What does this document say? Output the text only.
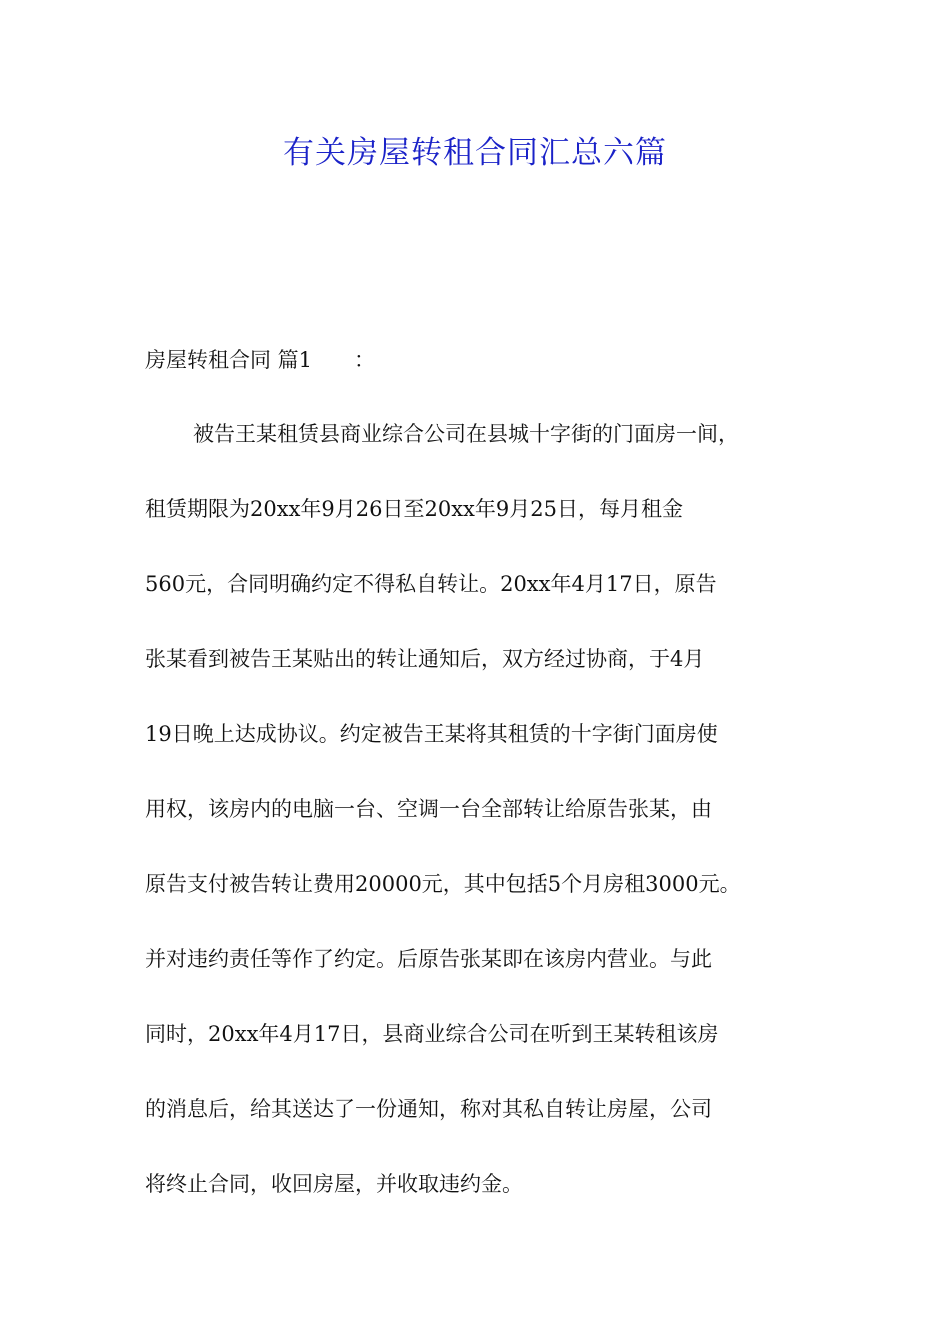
有关房屋转租合同汇总六篇
房屋转租合同 篇1 ：
被告王某租赁县商业综合公司在县城十字街的门面房一间，
租赁期限为20xx年9月26日至20xx年9月25日，每月租金
560元，合同明确约定不得私自转让。20xx年4月17日，原告
张某看到被告王某贴出的转让通知后，双方经过协商，于4月
19日晚上达成协议。约定被告王某将其租赁的十字街门面房使
用权，该房内的电脑一台、空调一台全部转让给原告张某，由
原告支付被告转让费用20000元，其中包括5个月房租3000元。
并对违约责任等作了约定。后原告张某即在该房内营业。与此
同时，20xx年4月17日，县商业综合公司在听到王某转租该房
的消息后，给其送达了一份通知，称对其私自转让房屋，公司
将终止合同，收回房屋，并收取违约金。
